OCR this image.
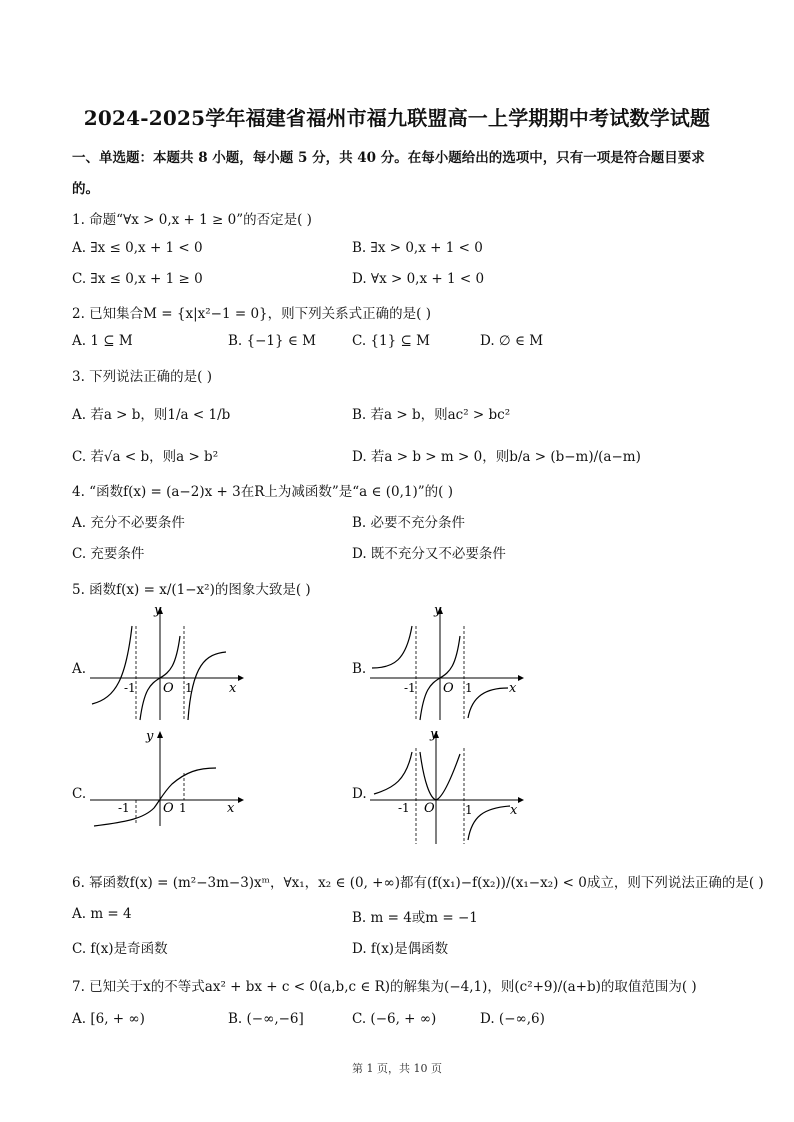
2024-2025学年福建省福州市福九联盟高一上学期期中考试数学试题
一、单选题：本题共 8 小题，每小题 5 分，共 40 分。在每小题给出的选项中，只有一项是符合题目要求
的。
1. 命题“∀x > 0,x + 1 ≥ 0”的否定是( )
A. ∃x ≤ 0,x + 1 < 0	B. ∃x > 0,x + 1 < 0
C. ∃x ≤ 0,x + 1 ≥ 0	D. ∀x > 0,x + 1 < 0
2. 已知集合M = {x|x²−1 = 0}，则下列关系式正确的是( )
A. 1 ⊆ M	B. {−1} ∈ M	C. {1} ⊆ M	D. ∅ ∈ M
3. 下列说法正确的是( )
A. 若a > b，则1/a < 1/b	B. 若a > b，则ac² > bc²
C. 若√a < b，则a > b²	D. 若a > b > m > 0，则b/a > (b−m)/(a−m)
4. “函数f(x) = (a−2)x + 3在R上为减函数”是“a ∈ (0,1)”的( )
A. 充分不必要条件	B. 必要不充分条件
C. 充要条件	D. 既不充分又不必要条件
5. 函数f(x) = x/(1−x²)的图象大致是( )
A.
y
x
O
-1	1
B.
y
x
O
-1	1
C.
y
x
O
-1	1
D.
y
x
O
-1	1
6. 幂函数f(x) = (m²−3m−3)xᵐ，∀x₁，x₂ ∈ (0, +∞)都有(f(x₁)−f(x₂))/(x₁−x₂) < 0成立，则下列说法正确的是( )
A. m = 4	B. m = 4或m = −1
C. f(x)是奇函数	D. f(x)是偶函数
7. 已知关于x的不等式ax² + bx + c < 0(a,b,c ∈ R)的解集为(−4,1)，则(c²+9)/(a+b)的取值范围为( )
A. [6, + ∞)	B. (−∞,−6]	C. (−6, + ∞)	D. (−∞,6)
第 1 页，共 10 页
